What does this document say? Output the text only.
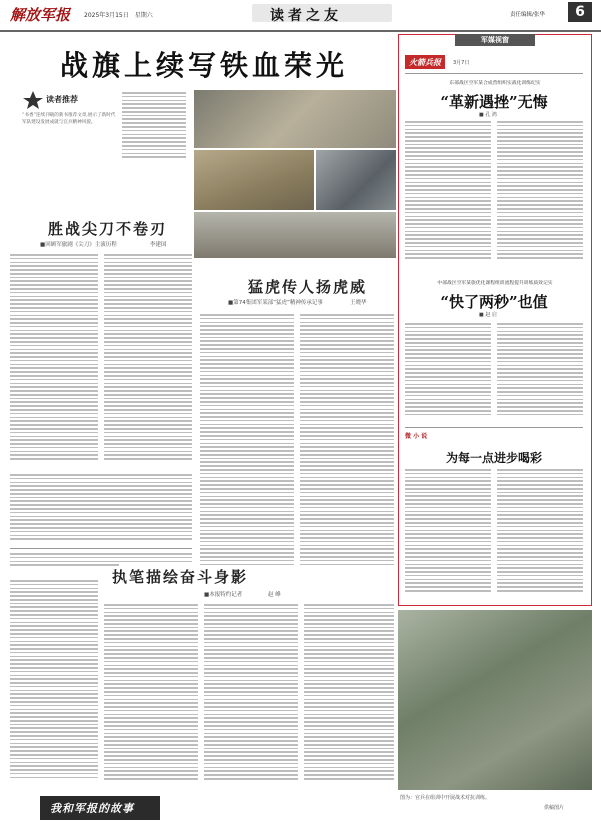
解放军报 2025年3月15日　星期六	读者之友	责任编辑/张华	6
战旗上续写铁血荣光
读者推荐
“书香”连续刊载的新书推荐文章,展示了新时代军队建设发展成就与官兵精神风貌。
胜战尖刀不卷刃
■回顾军旅剧《尖刀》主演历程	李建国
猛虎传人扬虎威
■第74集团军某部“猛虎”精神传承记事	王晓华
军媒视窗
火箭兵报	3月7日
东部战区空军某合成营组织实战化训练纪实
“革新遇挫”无悔
■ 孔 鸿
中部战区空军某旅优化课程组训流程提升训练质效记实
“快了两秒”也值
■ 赵 启
微 小 说
为每一点进步喝彩
图为：官兵在组训中开展战术对抗训练。
供稿图片
执笔描绘奋斗身影
■本报特约记者	赵 峰
我和军报的故事
